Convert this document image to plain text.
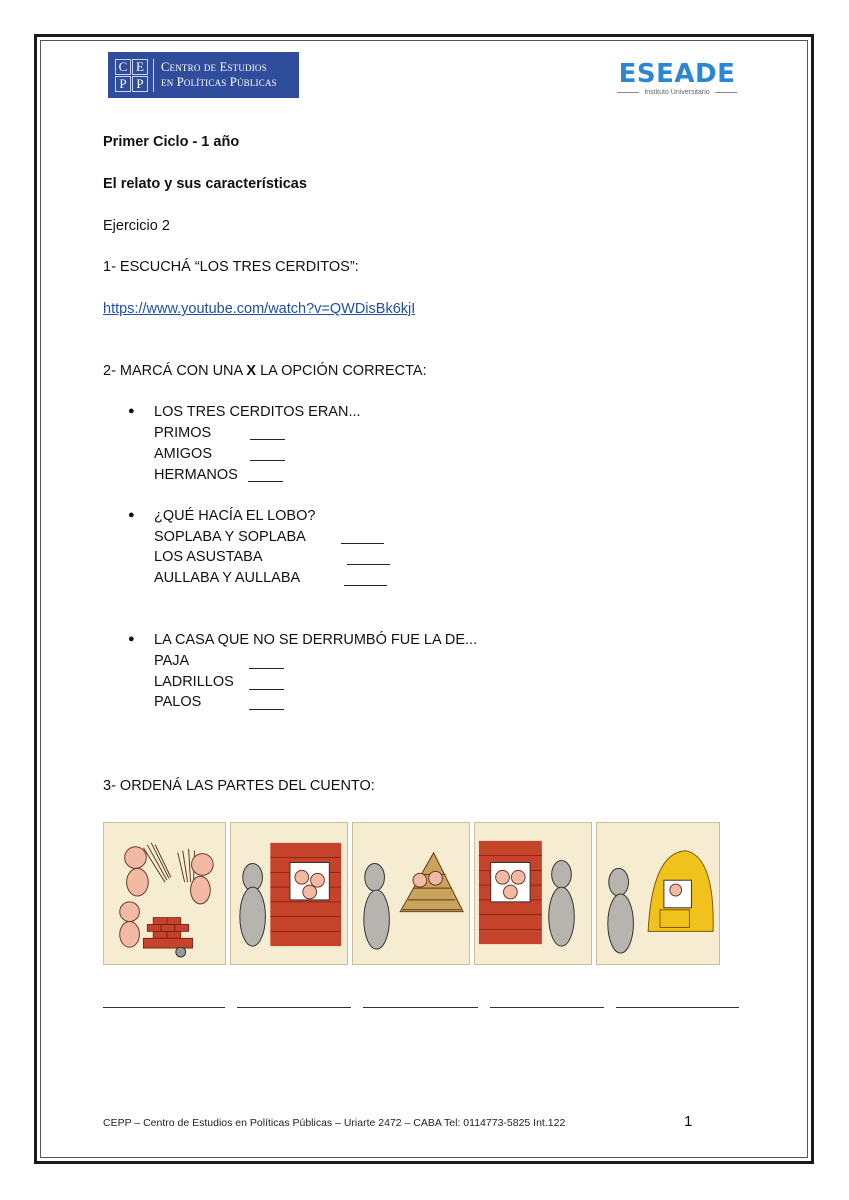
C E
P P
Centro de Estudios
en Políticas Públicas	ESEADE
Instituto Universitario
Primer Ciclo - 1 año
El relato y sus características
Ejercicio 2
1- ESCUCHÁ “LOS TRES CERDITOS”:
https://www.youtube.com/watch?v=QWDisBk6kjI
2- MARCÁ CON UNA X LA OPCIÓN CORRECTA:
● LOS TRES CERDITOS ERAN...
PRIMOS
AMIGOS
HERMANOS
● ¿QUÉ HACÍA EL LOBO?
SOPLABA Y SOPLABA
LOS ASUSTABA
AULLABA Y AULLABA
● LA CASA QUE NO SE DERRUMBÓ FUE LA DE...
PAJA
LADRILLOS
PALOS
3- ORDENÁ LAS PARTES DEL CUENTO:
CEPP – Centro de Estudios en Políticas Públicas – Uriarte 2472 – CABA Tel: 0114773-5825 Int.122	1
